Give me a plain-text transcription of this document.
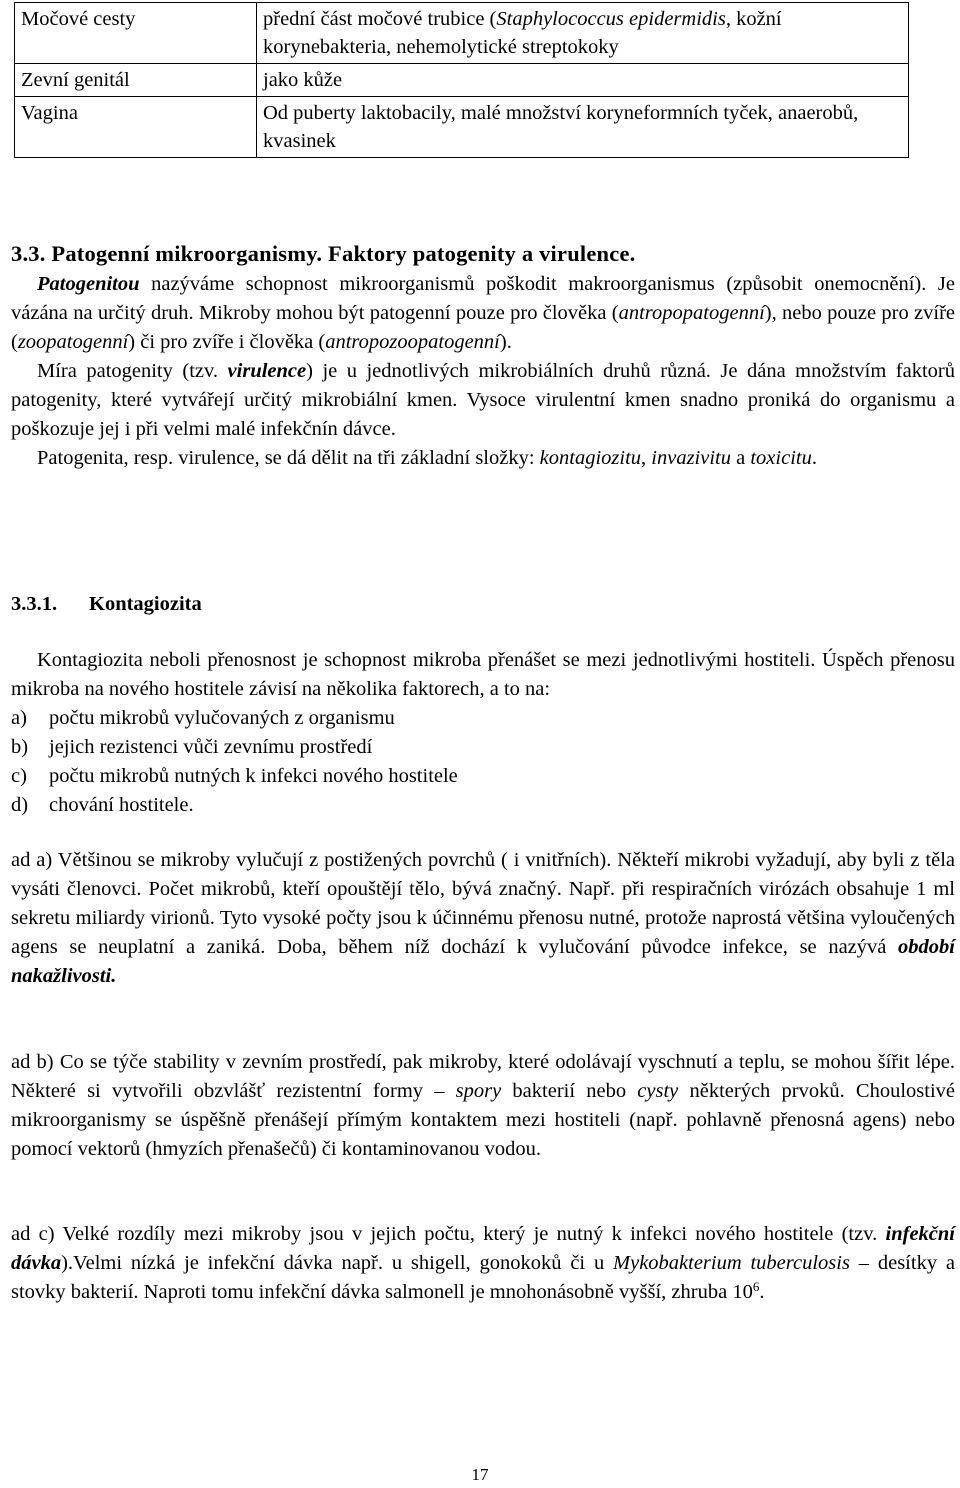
Močové cesty	přední část močové trubice (Staphylococcus epidermidis, kožní korynebakteria, nehemolytické streptokoky
Zevní genitál	jako kůže
Vagina	Od puberty laktobacily, malé množství koryneformních tyček, anaerobů, kvasinek
3.3. Patogenní mikroorganismy. Faktory patogenity a virulence.

Patogenitou nazýváme schopnost mikroorganismů poškodit makroorganismus (způsobit onemocnění). Je vázána na určitý druh. Mikroby mohou být patogenní pouze pro člověka (antropopatogenní), nebo pouze pro zvíře (zoopatogenní) či pro zvíře i člověka (antropozoopatogenní).

Míra patogenity (tzv. virulence) je u jednotlivých mikrobiálních druhů různá. Je dána množstvím faktorů patogenity, které vytvářejí určitý mikrobiální kmen. Vysoce virulentní kmen snadno proniká do organismu a poškozuje jej i při velmi malé infekčnín dávce.

Patogenita, resp. virulence, se dá dělit na tři základní složky: kontagiozitu, invazivitu a toxicitu.

3.3.1. Kontagiozita

Kontagiozita neboli přenosnost je schopnost mikroba přenášet se mezi jednotlivými hostiteli. Úspěch přenosu mikroba na nového hostitele závisí na několika faktorech, a to na:

a) počtu mikrobů vylučovaných z organismu
b) jejich rezistenci vůči zevnímu prostředí
c) počtu mikrobů nutných k infekci nového hostitele
d) chování hostitele.

ad a) Většinou se mikroby vylučují z postižených povrchů ( i vnitřních). Někteří mikrobi vyžadují, aby byli z těla vysáti členovci. Počet mikrobů, kteří opouštějí tělo, bývá značný. Např. při respiračních virózách obsahuje 1 ml sekretu miliardy virionů. Tyto vysoké počty jsou k účinnému přenosu nutné, protože naprostá většina vyloučených agens se neuplatní a zaniká. Doba, během níž dochází k vylučování původce infekce, se nazývá období nakažlivosti.

ad b) Co se týče stability v zevním prostředí, pak mikroby, které odolávají vyschnutí a teplu, se mohou šířit lépe. Některé si vytvořili obzvlášť rezistentní formy – spory bakterií nebo cysty některých prvoků. Choulostivé mikroorganismy se úspěšně přenášejí přímým kontaktem mezi hostiteli (např. pohlavně přenosná agens) nebo pomocí vektorů (hmyzích přenašečů) či kontaminovanou vodou.

ad c) Velké rozdíly mezi mikroby jsou v jejich počtu, který je nutný k infekci nového hostitele (tzv. infekční dávka).Velmi nízká je infekční dávka např. u shigell, gonokoků či u Mykobakterium tuberculosis – desítky a stovky bakterií. Naproti tomu infekční dávka salmonell je mnohonásobně vyšší, zhruba $10^6$.

17
